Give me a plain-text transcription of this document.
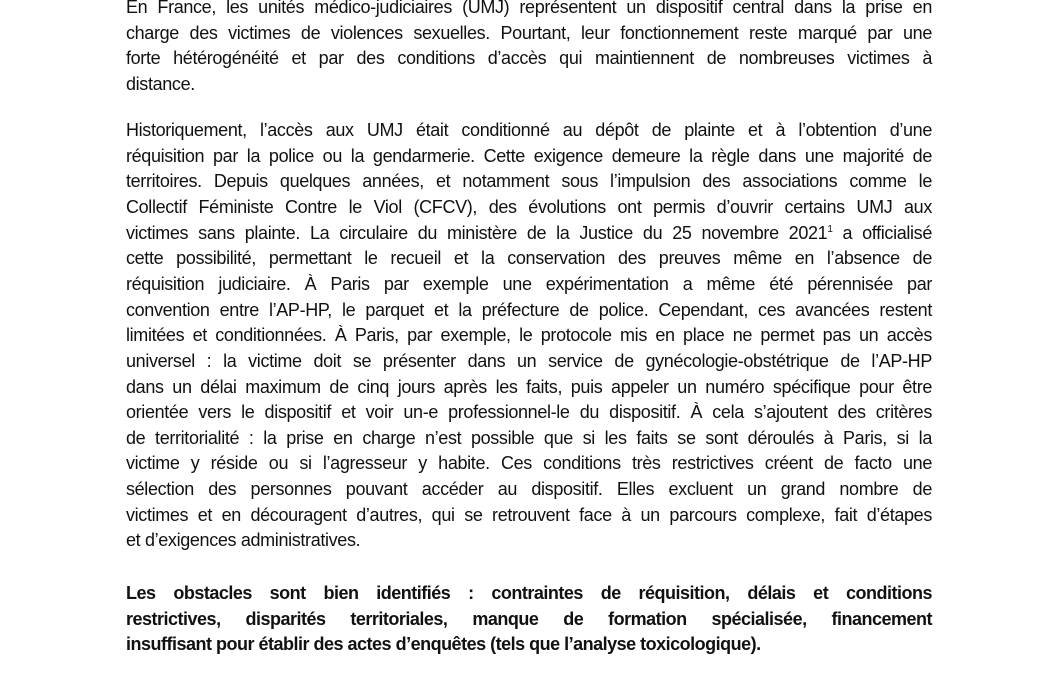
En France, les unités médico-judiciaires (UMJ) représentent un dispositif central dans la prise en
charge des victimes de violences sexuelles. Pourtant, leur fonctionnement reste marqué par une
forte hétérogénéité et par des conditions d’accès qui maintiennent de nombreuses victimes à
distance.
Historiquement, l’accès aux UMJ était conditionné au dépôt de plainte et à l’obtention d’une
réquisition par la police ou la gendarmerie. Cette exigence demeure la règle dans une majorité de
territoires. Depuis quelques années, et notamment sous l’impulsion des associations comme le
Collectif Féministe Contre le Viol (CFCV), des évolutions ont permis d’ouvrir certains UMJ aux
victimes sans plainte. La circulaire du ministère de la Justice du 25 novembre 2021$^1$ a officialisé
cette possibilité, permettant le recueil et la conservation des preuves même en l’absence de
réquisition judiciaire. À Paris par exemple une expérimentation a même été pérennisée par
convention entre l’AP-HP, le parquet et la préfecture de police. Cependant, ces avancées restent
limitées et conditionnées. À Paris, par exemple, le protocole mis en place ne permet pas un accès
universel : la victime doit se présenter dans un service de gynécologie-obstétrique de l’AP-HP
dans un délai maximum de cinq jours après les faits, puis appeler un numéro spécifique pour être
orientée vers le dispositif et voir un-e professionnel-le du dispositif. À cela s’ajoutent des critères
de territorialité : la prise en charge n’est possible que si les faits se sont déroulés à Paris, si la
victime y réside ou si l’agresseur y habite. Ces conditions très restrictives créent de facto une
sélection des personnes pouvant accéder au dispositif. Elles excluent un grand nombre de
victimes et en découragent d’autres, qui se retrouvent face à un parcours complexe, fait d’étapes
et d’exigences administratives.
Les obstacles sont bien identifiés : contraintes de réquisition, délais et conditions
restrictives, disparités territoriales, manque de formation spécialisée, financement
insuffisant pour établir des actes d’enquêtes (tels que l’analyse toxicologique).
